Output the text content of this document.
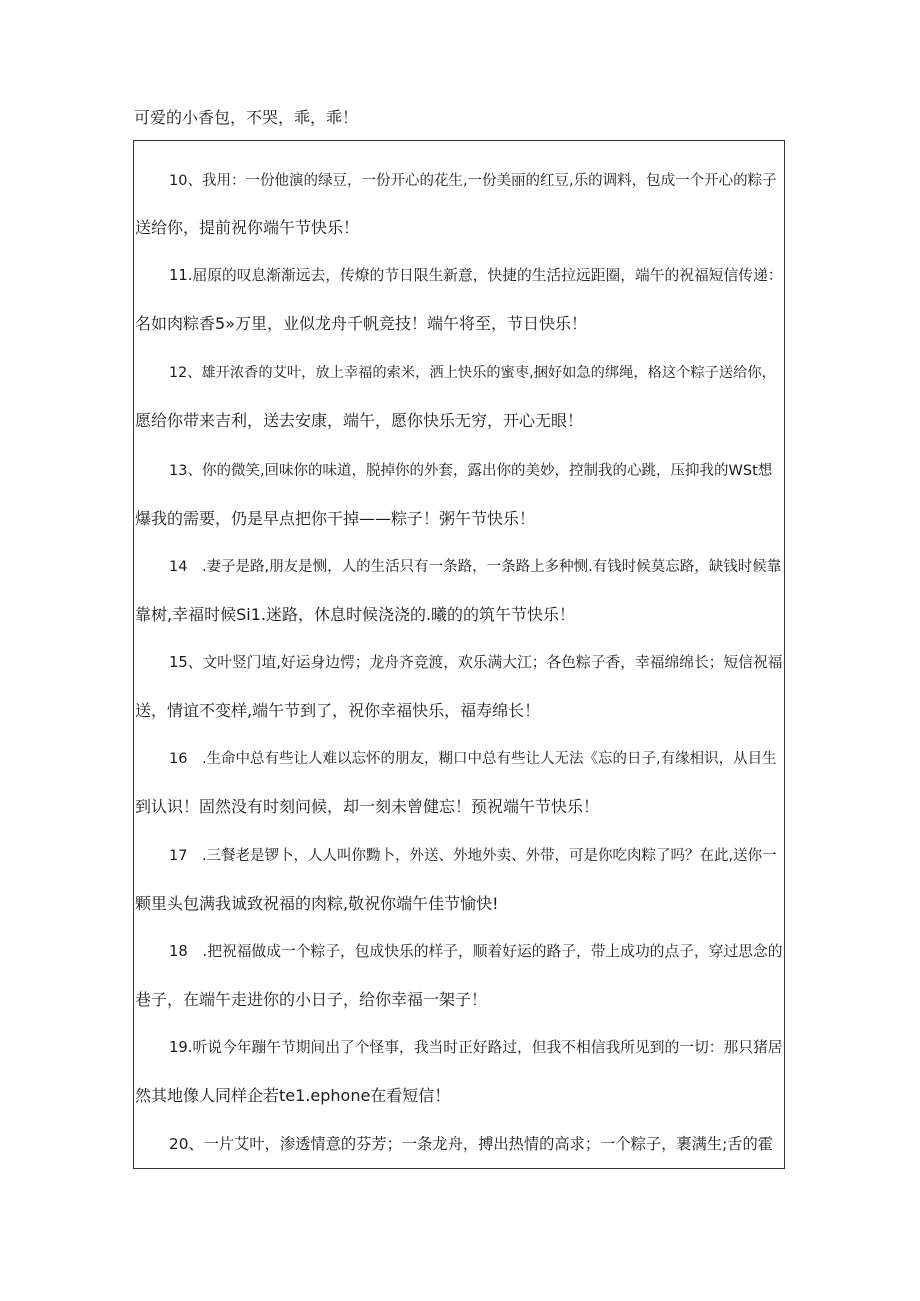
可爱的小香包，不哭，乖，乖！
10、我用：一份他演的绿豆，一份开心的花生,一份美丽的红豆,乐的调料，包成一个开心的粽子
送给你，提前祝你端午节快乐！
11.屈原的叹息渐渐远去，传燎的节日限生新意，快捷的生活拉远距圈，端午的祝福短信传递：
名如肉粽香5»万里，业似龙舟千帆竞技！端午将至，节日快乐！
12、雄开浓香的艾叶，放上幸福的索米，洒上快乐的蜜枣,捆好如急的绑绳，格这个粽子送给你，
愿给你带来吉利，送去安康，端午，愿你快乐无穷，开心无眼！
13、你的微笑,回味你的味道，脱掉你的外套，露出你的美妙，控制我的心跳，压抑我的WSt想
爆我的需要，仍是早点把你干掉——粽子！粥午节快乐！
14　.妻子是路,朋友是恻，人的生活只有一条路，一条路上多种恻.有钱时候莫忘路，缺钱时候靠
靠树,幸福时候Si1.迷路，休息时候浇浇的.曦的的筑午节快乐！
15、文叶竖门埴,好运身边愕；龙舟齐竞渡，欢乐满大江；各色粽子香，幸福绵绵长；短信祝福
送，情谊不变样,端午节到了，祝你幸福快乐，福寿绵长！
16　.生命中总有些让人难以忘怀的朋友，糊口中总有些让人无法《忘的日子,有缘相识，从目生
到认识！固然没有时刻问候，却一刻未曾健忘！预祝端午节快乐！
17　.三餐老是锣卜，人人叫你黝卜，外送、外地外卖、外带，可是你吃肉粽了吗？在此,送你一
颗里头包满我诚致祝福的肉粽,敬祝你端午佳节愉快!
18　.把祝福做成一个粽子，包成快乐的样子，顺着好运的路子，带上成功的点子，穿过思念的
巷子，在端午走进你的小日子，给你幸福一架子！
19.听说今年蹦午节期间出了个怪事，我当时正好路过，但我不相信我所见到的一切：那只猪居
然其地像人同样企若te1.ephone在看短信！
20、一片艾叶，渗透情意的芬芳；一条龙舟，搏出热情的高求；一个粽子，裹满生;舌的霍
